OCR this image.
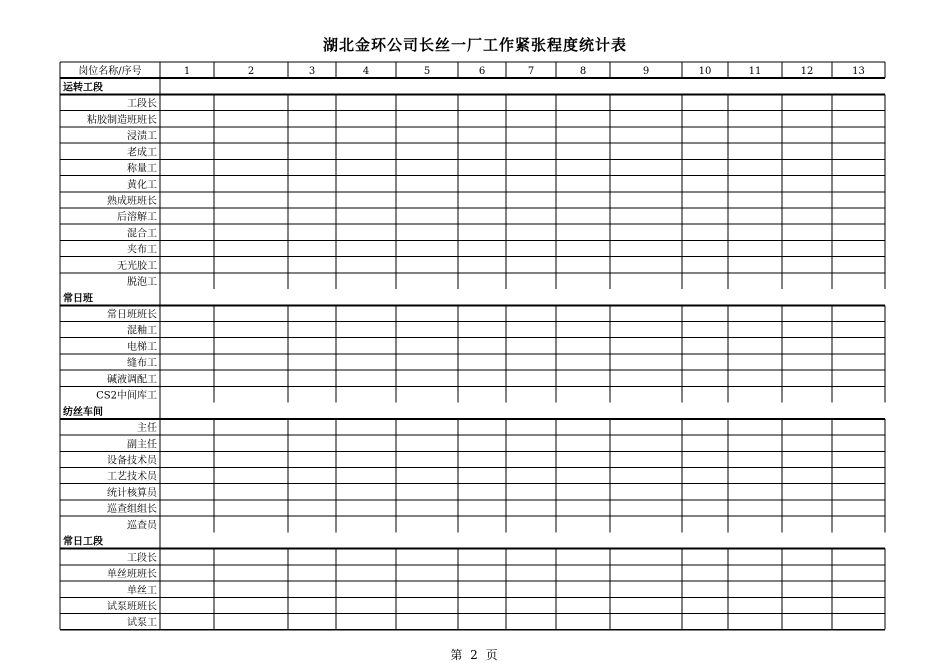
湖北金环公司长丝一厂工作紧张程度统计表
岗位名称/序号	1	2	3	4	5	6	7	8	9	10	11	12	13
运转工段
工段长
粘胶制造班班长
浸渍工
老成工
称量工
黄化工
熟成班班长
后溶解工
混合工
夹布工
无光胶工
脱泡工
常日班
常日班班长
混釉工
电梯工
缝布工
碱液调配工
CS2中间库工
纺丝车间
主任
副主任
设备技术员
工艺技术员
统计核算员
巡查组组长
巡查员
常日工段
工段长
单丝班班长
单丝工
试泵班班长
试泵工
第 2 页
